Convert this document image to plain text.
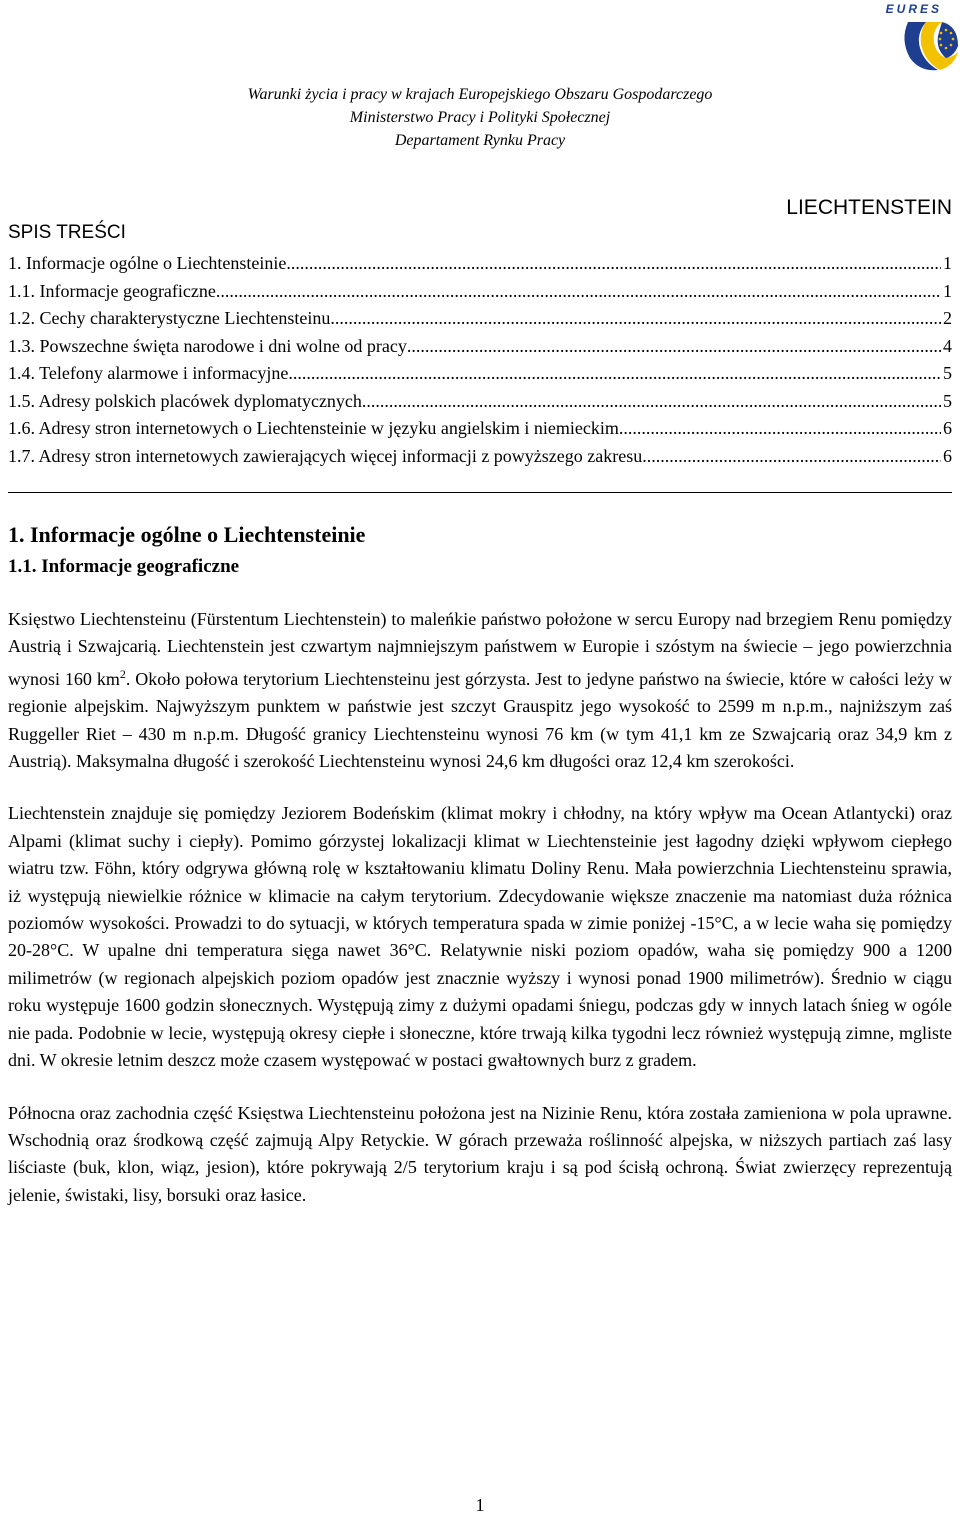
EURES
Warunki życia i pracy w krajach Europejskiego Obszaru Gospodarczego
Ministerstwo Pracy i Polityki Społecznej
Departament Rynku Pracy
LIECHTENSTEIN
SPIS TREŚCI
1. Informacje ogólne o Liechtensteinie .....	1
1.1. Informacje geograficzne .....	1
1.2. Cechy charakterystyczne Liechtensteinu .....	2
1.3. Powszechne święta narodowe i dni wolne od pracy .....	4
1.4. Telefony alarmowe i informacyjne .....	5
1.5. Adresy polskich placówek dyplomatycznych .....	5
1.6. Adresy stron internetowych o Liechtensteinie w języku angielskim i niemieckim .....	6
1.7. Adresy stron internetowych zawierających więcej informacji z powyższego zakresu .....	6
1. Informacje ogólne o Liechtensteinie
1.1. Informacje geograficzne

Księstwo Liechtensteinu (Fürstentum Liechtenstein) to maleńkie państwo położone w sercu Europy nad brzegiem Renu pomiędzy Austrią i Szwajcarią. Liechtenstein jest czwartym najmniejszym państwem w Europie i szóstym na świecie – jego powierzchnia wynosi 160 $km^2$. Około połowa terytorium Liechtensteinu jest górzysta. Jest to jedyne państwo na świecie, które w całości leży w regionie alpejskim. Najwyższym punktem w państwie jest szczyt Grauspitz jego wysokość to 2599 m n.p.m., najniższym zaś Ruggeller Riet – 430 m n.p.m. Długość granicy Liechtensteinu wynosi 76 km (w tym 41,1 km ze Szwajcarią oraz 34,9 km z Austrią). Maksymalna długość i szerokość Liechtensteinu wynosi 24,6 km długości oraz 12,4 km szerokości.

Liechtenstein znajduje się pomiędzy Jeziorem Bodeńskim (klimat mokry i chłodny, na który wpływ ma Ocean Atlantycki) oraz Alpami (klimat suchy i ciepły). Pomimo górzystej lokalizacji klimat w Liechtensteinie jest łagodny dzięki wpływom ciepłego wiatru tzw. Föhn, który odgrywa główną rolę w kształtowaniu klimatu Doliny Renu. Mała powierzchnia Liechtensteinu sprawia, iż występują niewielkie różnice w klimacie na całym terytorium. Zdecydowanie większe znaczenie ma natomiast duża różnica poziomów wysokości. Prowadzi to do sytuacji, w których temperatura spada w zimie poniżej -15°C, a w lecie waha się pomiędzy 20-28°C. W upalne dni temperatura sięga nawet 36°C. Relatywnie niski poziom opadów, waha się pomiędzy 900 a 1200 milimetrów (w regionach alpejskich poziom opadów jest znacznie wyższy i wynosi ponad 1900 milimetrów). Średnio w ciągu roku występuje 1600 godzin słonecznych. Występują zimy z dużymi opadami śniegu, podczas gdy w innych latach śnieg w ogóle nie pada. Podobnie w lecie, występują okresy ciepłe i słoneczne, które trwają kilka tygodni lecz również występują zimne, mgliste dni. W okresie letnim deszcz może czasem występować w postaci gwałtownych burz z gradem.

Północna oraz zachodnia część Księstwa Liechtensteinu położona jest na Nizinie Renu, która została zamieniona w pola uprawne. Wschodnią oraz środkową część zajmują Alpy Retyckie. W górach przeważa roślinność alpejska, w niższych partiach zaś lasy liściaste (buk, klon, wiąz, jesion), które pokrywają 2/5 terytorium kraju i są pod ścisłą ochroną. Świat zwierzęcy reprezentują jelenie, świstaki, lisy, borsuki oraz łasice.

1
